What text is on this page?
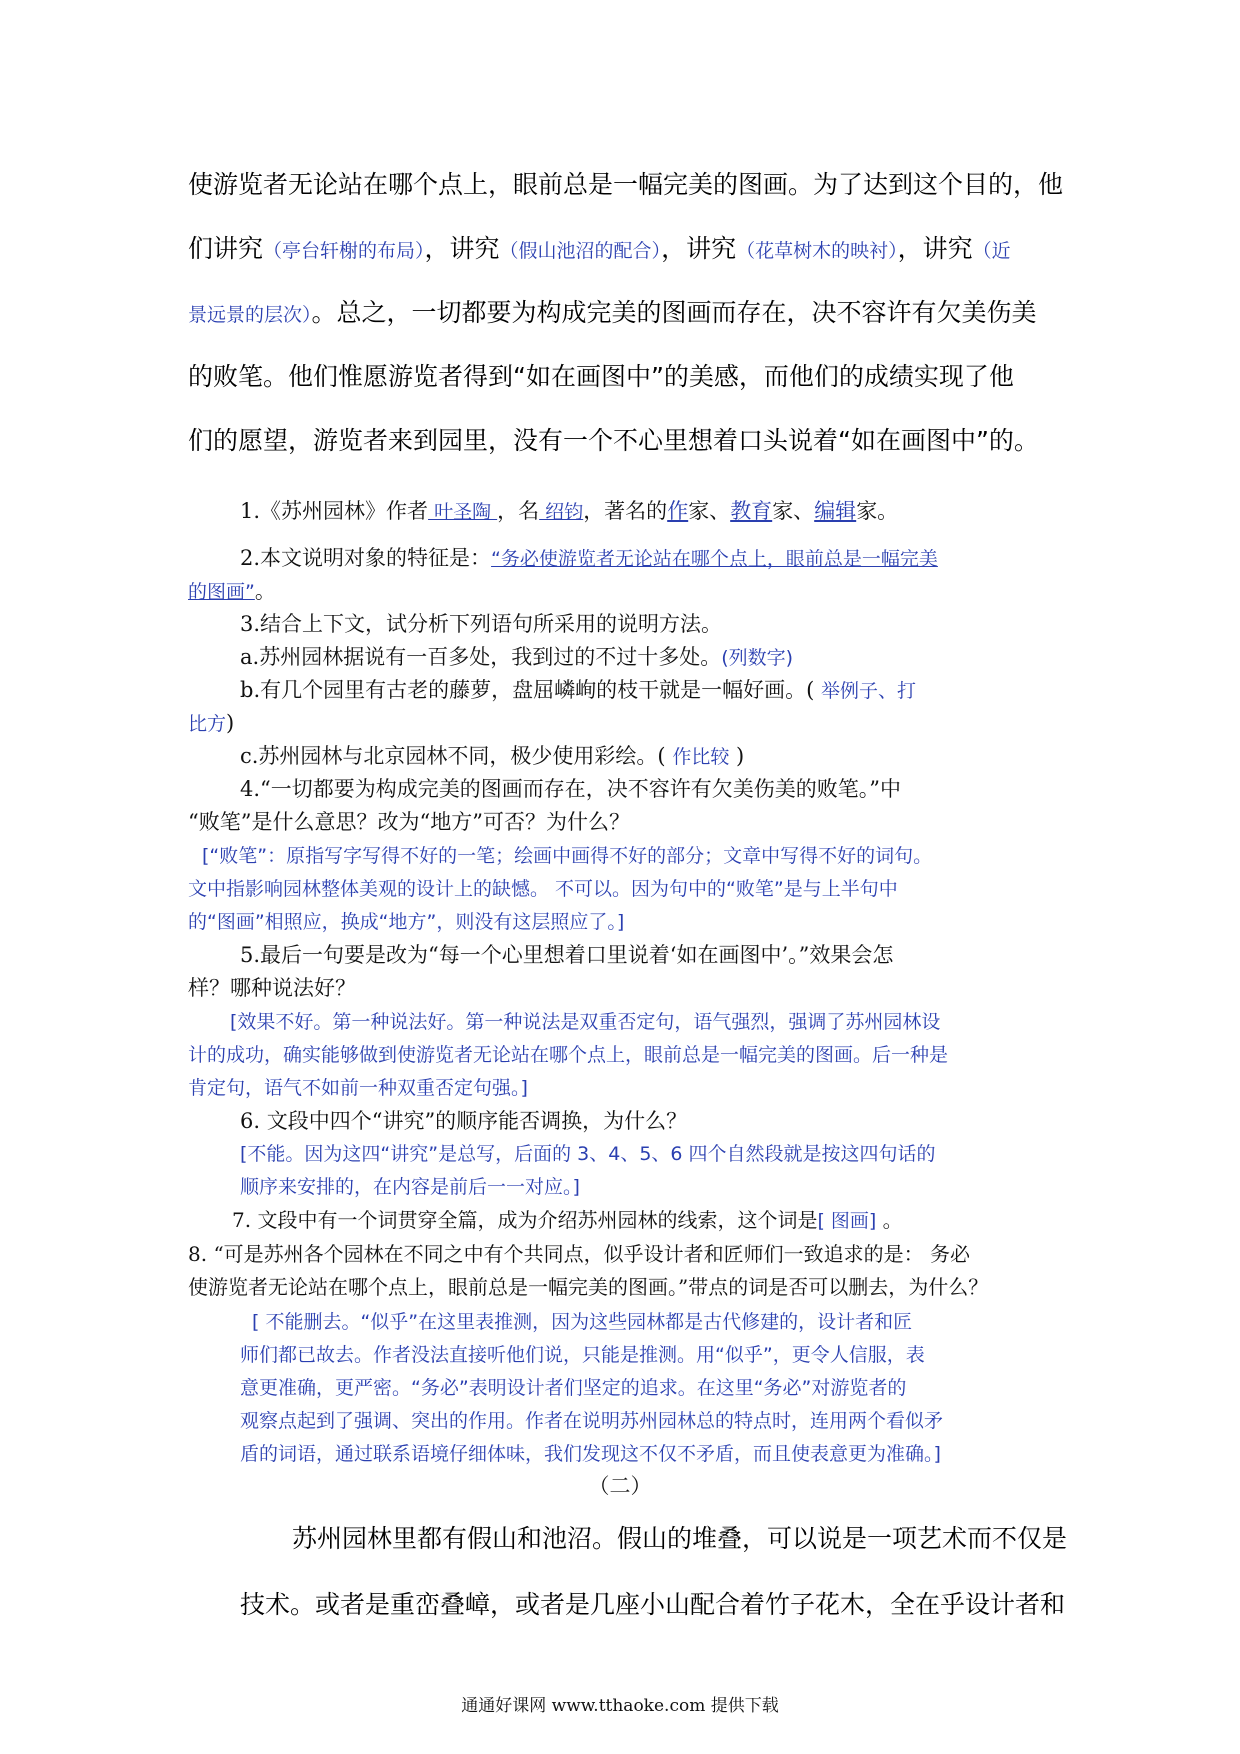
使游览者无论站在哪个点上，眼前总是一幅完美的图画。为了达到这个目的，他
们讲究（亭台轩榭的布局），讲究（假山池沼的配合），讲究（花草树木的映衬），讲究（近
景远景的层次）。总之，一切都要为构成完美的图画而存在，决不容许有欠美伤美
的败笔。他们惟愿游览者得到“如在画图中”的美感，而他们的成绩实现了他
们的愿望，游览者来到园里，没有一个不心里想着口头说着“如在画图中”的。
1.《苏州园林》作者 叶圣陶 ，名 绍钧，著名的作家、教育家、编辑家。
2.本文说明对象的特征是：“务必使游览者无论站在哪个点上，眼前总是一幅完美
的图画”。
3.结合上下文，试分析下列语句所采用的说明方法。
a.苏州园林据说有一百多处，我到过的不过十多处。(列数字)
b.有几个园里有古老的藤萝，盘屈嶙峋的枝干就是一幅好画。( 举例子、打
比方)
c.苏州园林与北京园林不同，极少使用彩绘。( 作比较 )
4.“一切都要为构成完美的图画而存在，决不容许有欠美伤美的败笔。”中
“败笔”是什么意思？改为“地方”可否？为什么？
[“败笔”：原指写字写得不好的一笔；绘画中画得不好的部分；文章中写得不好的词句。
文中指影响园林整体美观的设计上的缺憾。 不可以。因为句中的“败笔”是与上半句中
的“图画”相照应，换成“地方”，则没有这层照应了。]
5.最后一句要是改为“每一个心里想着口里说着‘如在画图中’。”效果会怎
样？哪种说法好？
[效果不好。第一种说法好。第一种说法是双重否定句，语气强烈，强调了苏州园林设
计的成功，确实能够做到使游览者无论站在哪个点上，眼前总是一幅完美的图画。后一种是
肯定句，语气不如前一种双重否定句强。]
6. 文段中四个“讲究”的顺序能否调换，为什么？
[不能。因为这四“讲究”是总写，后面的 3、4、5、6 四个自然段就是按这四句话的
顺序来安排的，在内容是前后一一对应。]
7. 文段中有一个词贯穿全篇，成为介绍苏州园林的线索，这个词是[ 图画] 。
8. “可是苏州各个园林在不同之中有个共同点，似乎设计者和匠师们一致追求的是： 务必
使游览者无论站在哪个点上，眼前总是一幅完美的图画。”带点的词是否可以删去，为什么？
[ 不能删去。“似乎”在这里表推测，因为这些园林都是古代修建的，设计者和匠
师们都已故去。作者没法直接听他们说，只能是推测。用“似乎”，更令人信服，表
意更准确，更严密。“务必”表明设计者们坚定的追求。在这里“务必”对游览者的
观察点起到了强调、突出的作用。作者在说明苏州园林总的特点时，连用两个看似矛
盾的词语，通过联系语境仔细体味，我们发现这不仅不矛盾，而且使表意更为准确。]
（二）
苏州园林里都有假山和池沼。假山的堆叠，可以说是一项艺术而不仅是
技术。或者是重峦叠嶂，或者是几座小山配合着竹子花木，全在乎设计者和
通通好课网 www.tthaoke.com 提供下载
